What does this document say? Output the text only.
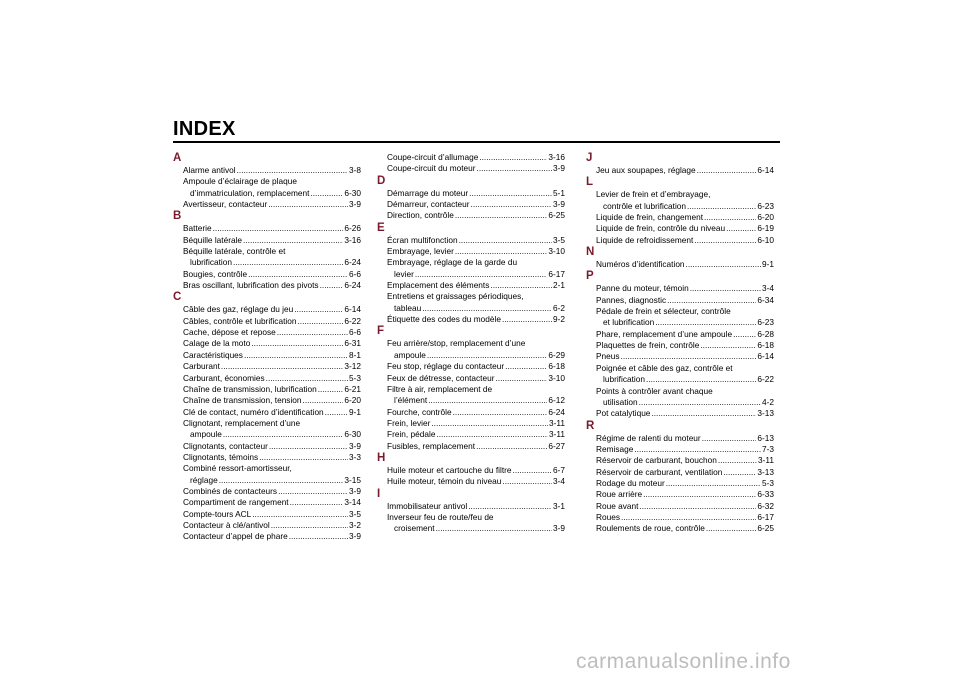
INDEX
A
Alarme antivol .....	3-8
Ampoule d’éclairage de plaque
d’immatriculation, remplacement .....	6-30
Avertisseur, contacteur .....	3-9
B
Batterie .....	6-26
Béquille latérale .....	3-16
Béquille latérale, contrôle et
lubrification .....	6-24
Bougies, contrôle .....	6-6
Bras oscillant, lubrification des pivots .....	6-24
C
Câble des gaz, réglage du jeu .....	6-14
Câbles, contrôle et lubrification .....	6-22
Cache, dépose et repose .....	6-6
Calage de la moto .....	6-31
Caractéristiques .....	8-1
Carburant .....	3-12
Carburant, économies .....	5-3
Chaîne de transmission, lubrification .....	6-21
Chaîne de transmission, tension .....	6-20
Clé de contact, numéro d’identification .....	9-1
Clignotant, remplacement d’une
ampoule .....	6-30
Clignotants, contacteur .....	3-9
Clignotants, témoins .....	3-3
Combiné ressort-amortisseur,
réglage .....	3-15
Combinés de contacteurs .....	3-9
Compartiment de rangement .....	3-14
Compte-tours ACL .....	3-5
Contacteur à clé/antivol .....	3-2
Contacteur d’appel de phare .....	3-9
Coupe-circuit d’allumage .....	3-16
Coupe-circuit du moteur .....	3-9
D
Démarrage du moteur .....	5-1
Démarreur, contacteur .....	3-9
Direction, contrôle .....	6-25
E
Écran multifonction .....	3-5
Embrayage, levier .....	3-10
Embrayage, réglage de la garde du
levier .....	6-17
Emplacement des éléments .....	2-1
Entretiens et graissages périodiques,
tableau .....	6-2
Étiquette des codes du modèle .....	9-2
F
Feu arrière/stop, remplacement d’une
ampoule .....	6-29
Feu stop, réglage du contacteur .....	6-18
Feux de détresse, contacteur .....	3-10
Filtre à air, remplacement de
l’élément .....	6-12
Fourche, contrôle .....	6-24
Frein, levier .....	3-11
Frein, pédale .....	3-11
Fusibles, remplacement .....	6-27
H
Huile moteur et cartouche du filtre .....	6-7
Huile moteur, témoin du niveau .....	3-4
I
Immobilisateur antivol .....	3-1
Inverseur feu de route/feu de
croisement .....	3-9
J
Jeu aux soupapes, réglage .....	6-14
L
Levier de frein et d’embrayage,
contrôle et lubrification .....	6-23
Liquide de frein, changement .....	6-20
Liquide de frein, contrôle du niveau .....	6-19
Liquide de refroidissement .....	6-10
N
Numéros d’identification .....	9-1
P
Panne du moteur, témoin .....	3-4
Pannes, diagnostic .....	6-34
Pédale de frein et sélecteur, contrôle
et lubrification .....	6-23
Phare, remplacement d’une ampoule .....	6-28
Plaquettes de frein, contrôle .....	6-18
Pneus .....	6-14
Poignée et câble des gaz, contrôle et
lubrification .....	6-22
Points à contrôler avant chaque
utilisation .....	4-2
Pot catalytique .....	3-13
R
Régime de ralenti du moteur .....	6-13
Remisage .....	7-3
Réservoir de carburant, bouchon .....	3-11
Réservoir de carburant, ventilation .....	3-13
Rodage du moteur .....	5-3
Roue arrière .....	6-33
Roue avant .....	6-32
Roues .....	6-17
Roulements de roue, contrôle .....	6-25
carmanualsonline.info
